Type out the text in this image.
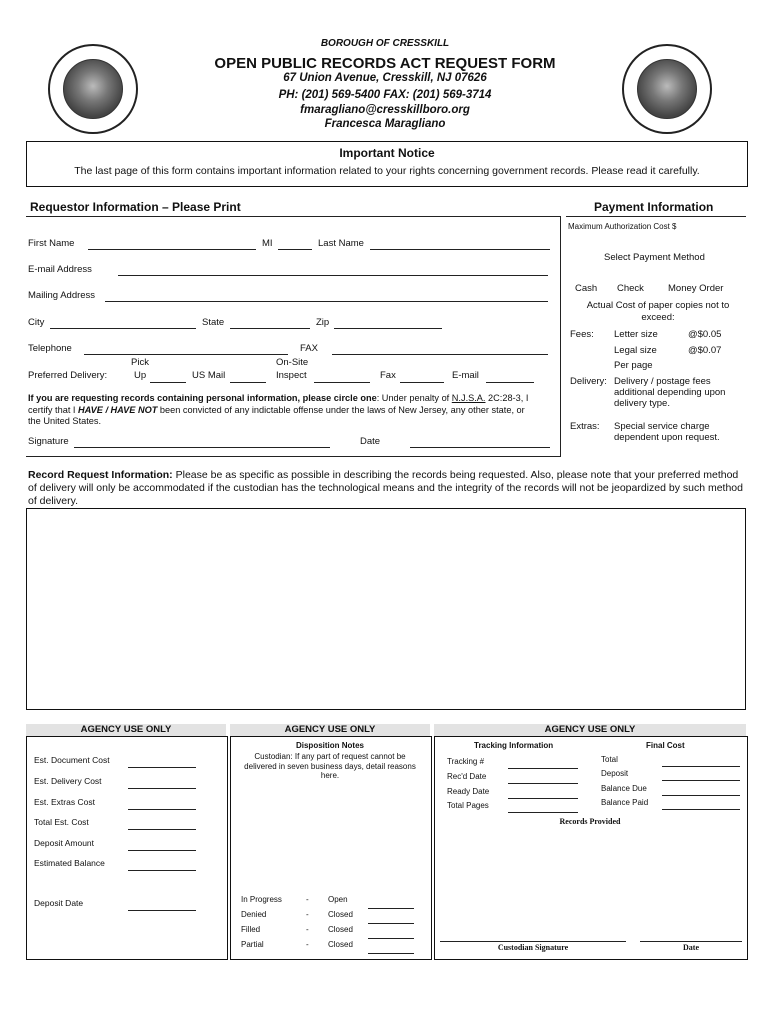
BOROUGH OF CRESSKILL
OPEN PUBLIC RECORDS ACT REQUEST FORM
67 Union Avenue, Cresskill, NJ 07626
PH: (201) 569-5400 FAX: (201) 569-3714
fmaragliano@cresskillboro.org
Francesca Maragliano
Important Notice
The last page of this form contains important information related to your rights concerning government records. Please read it carefully.
Requestor Information – Please Print
First Name	MI	Last Name
E-mail Address
Mailing Address
City	State	Zip
Telephone	FAX
Pick	On-Site
Preferred Delivery:	Up	US Mail	Inspect	Fax	E-mail
If you are requesting records containing personal information, please circle one: Under penalty of N.J.S.A. 2C:28-3, I certify that I HAVE / HAVE NOT been convicted of any indictable offense under the laws of New Jersey, any other state, or the United States.
Signature	Date
Payment Information
Maximum Authorization Cost $
Select Payment Method
Cash Check	Money Order
Actual Cost of paper copies not to exceed:
Fees: Letter size	@$0.05
Legal size	@$0.07
Per page
Delivery: Delivery / postage fees additional depending upon delivery type.
Extras: Special service charge dependent upon request.
Record Request Information: Please be as specific as possible in describing the records being requested. Also, please note that your preferred method of delivery will only be accommodated if the custodian has the technological means and the integrity of the records will not be jeopardized by such method of delivery.
AGENCY USE ONLY	AGENCY USE ONLY	AGENCY USE ONLY
Est. Document Cost
Est. Delivery Cost
Est. Extras Cost
Total Est. Cost
Deposit Amount
Estimated Balance
Deposit Date
Disposition Notes
Custodian: If any part of request cannot be delivered in seven business days, detail reasons here.
In Progress	- Open
Denied	- Closed
Filled	- Closed
Partial	- Closed
Tracking Information	Final Cost
Tracking #
Rec'd Date
Ready Date
Total Pages
Total
Deposit
Balance Due
Balance Paid
Records Provided
Custodian Signature	Date
